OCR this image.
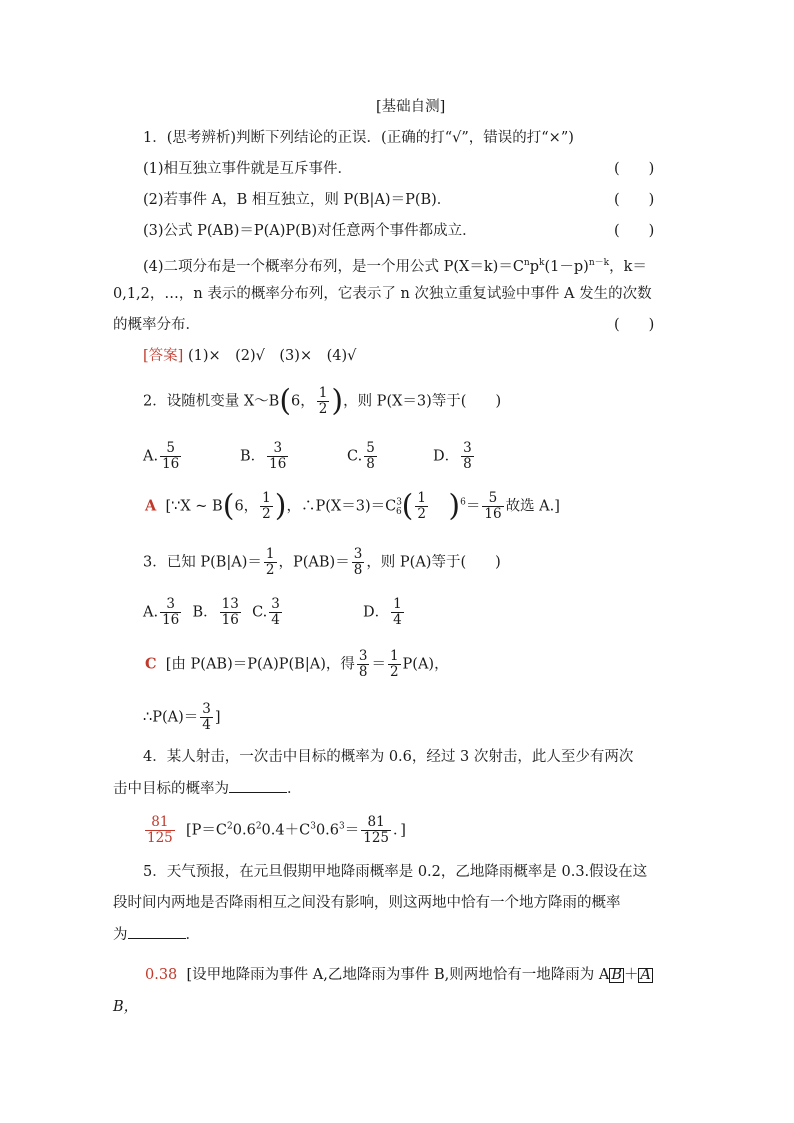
[基础自测]
1．(思考辨析)判断下列结论的正误．(正确的打“√”，错误的打“×”)
(1)相互独立事件就是互斥事件．	(　　)
(2)若事件 A，B 相互独立，则 P(B|A)＝P(B)．	(　　)
(3)公式 P(AB)＝P(A)P(B)对任意两个事件都成立．	(　　)
(4)二项分布是一个概率分布列，是一个用公式 $P(X=k)=C^np^k(1-p)^{n-k}$，k＝
0,1,2，…，n 表示的概率分布列，它表示了 n 次独立重复试验中事件 A 发生的次数
的概率分布．	(　　)
[答案] (1)×　(2)√　(3)×　(4)√
2．设随机变量 X～B(6， $\frac{1}{2}$ )，则 P(X＝3)等于(　　)
A. $\frac{5}{16}$	B． $\frac{3}{16}$	C. $\frac{5}{8}$	D． $\frac{3}{8}$
A [∵X ~ B(6， $\frac{1}{2}$ )，$\therefore P(X=3)=C^3_6( \frac{1}{2} )^6= \frac{5}{16}$ 故选 A.]
3．已知 $P(B|A)= \frac{1}{2}$ ，$P(AB)= \frac{3}{8}$ ，则 P(A)等于(　　)
A. $\frac{3}{16}$ B． $\frac{13}{16} C$. $\frac{3}{4}$	D． $\frac{1}{4}$
C [由 P(AB)＝P(A)P(B|A)，得 $\frac{3}{8} = \frac{1}{2} P(A)$，
∴P(A)＝ $\frac{3}{4}$ ]
4．某人射击，一次击中目标的概率为 0.6，经过 3 次射击，此人至少有两次
击中目标的概率为	．
$\frac{81}{125} [P=C^20.6^20.4+C^30.6^3= \frac{81}{125}$ ．]
5．天气预报，在元旦假期甲地降雨概率是 0.2，乙地降雨概率是 0.3.假设在这
段时间内两地是否降雨相互之间没有影响，则这两地中恰有一个地方降雨的概率
为	．
0.38 [设甲地降雨为事件 A,乙地降雨为事件 B,则两地恰有一地降雨为 A B ＋ A
B，
